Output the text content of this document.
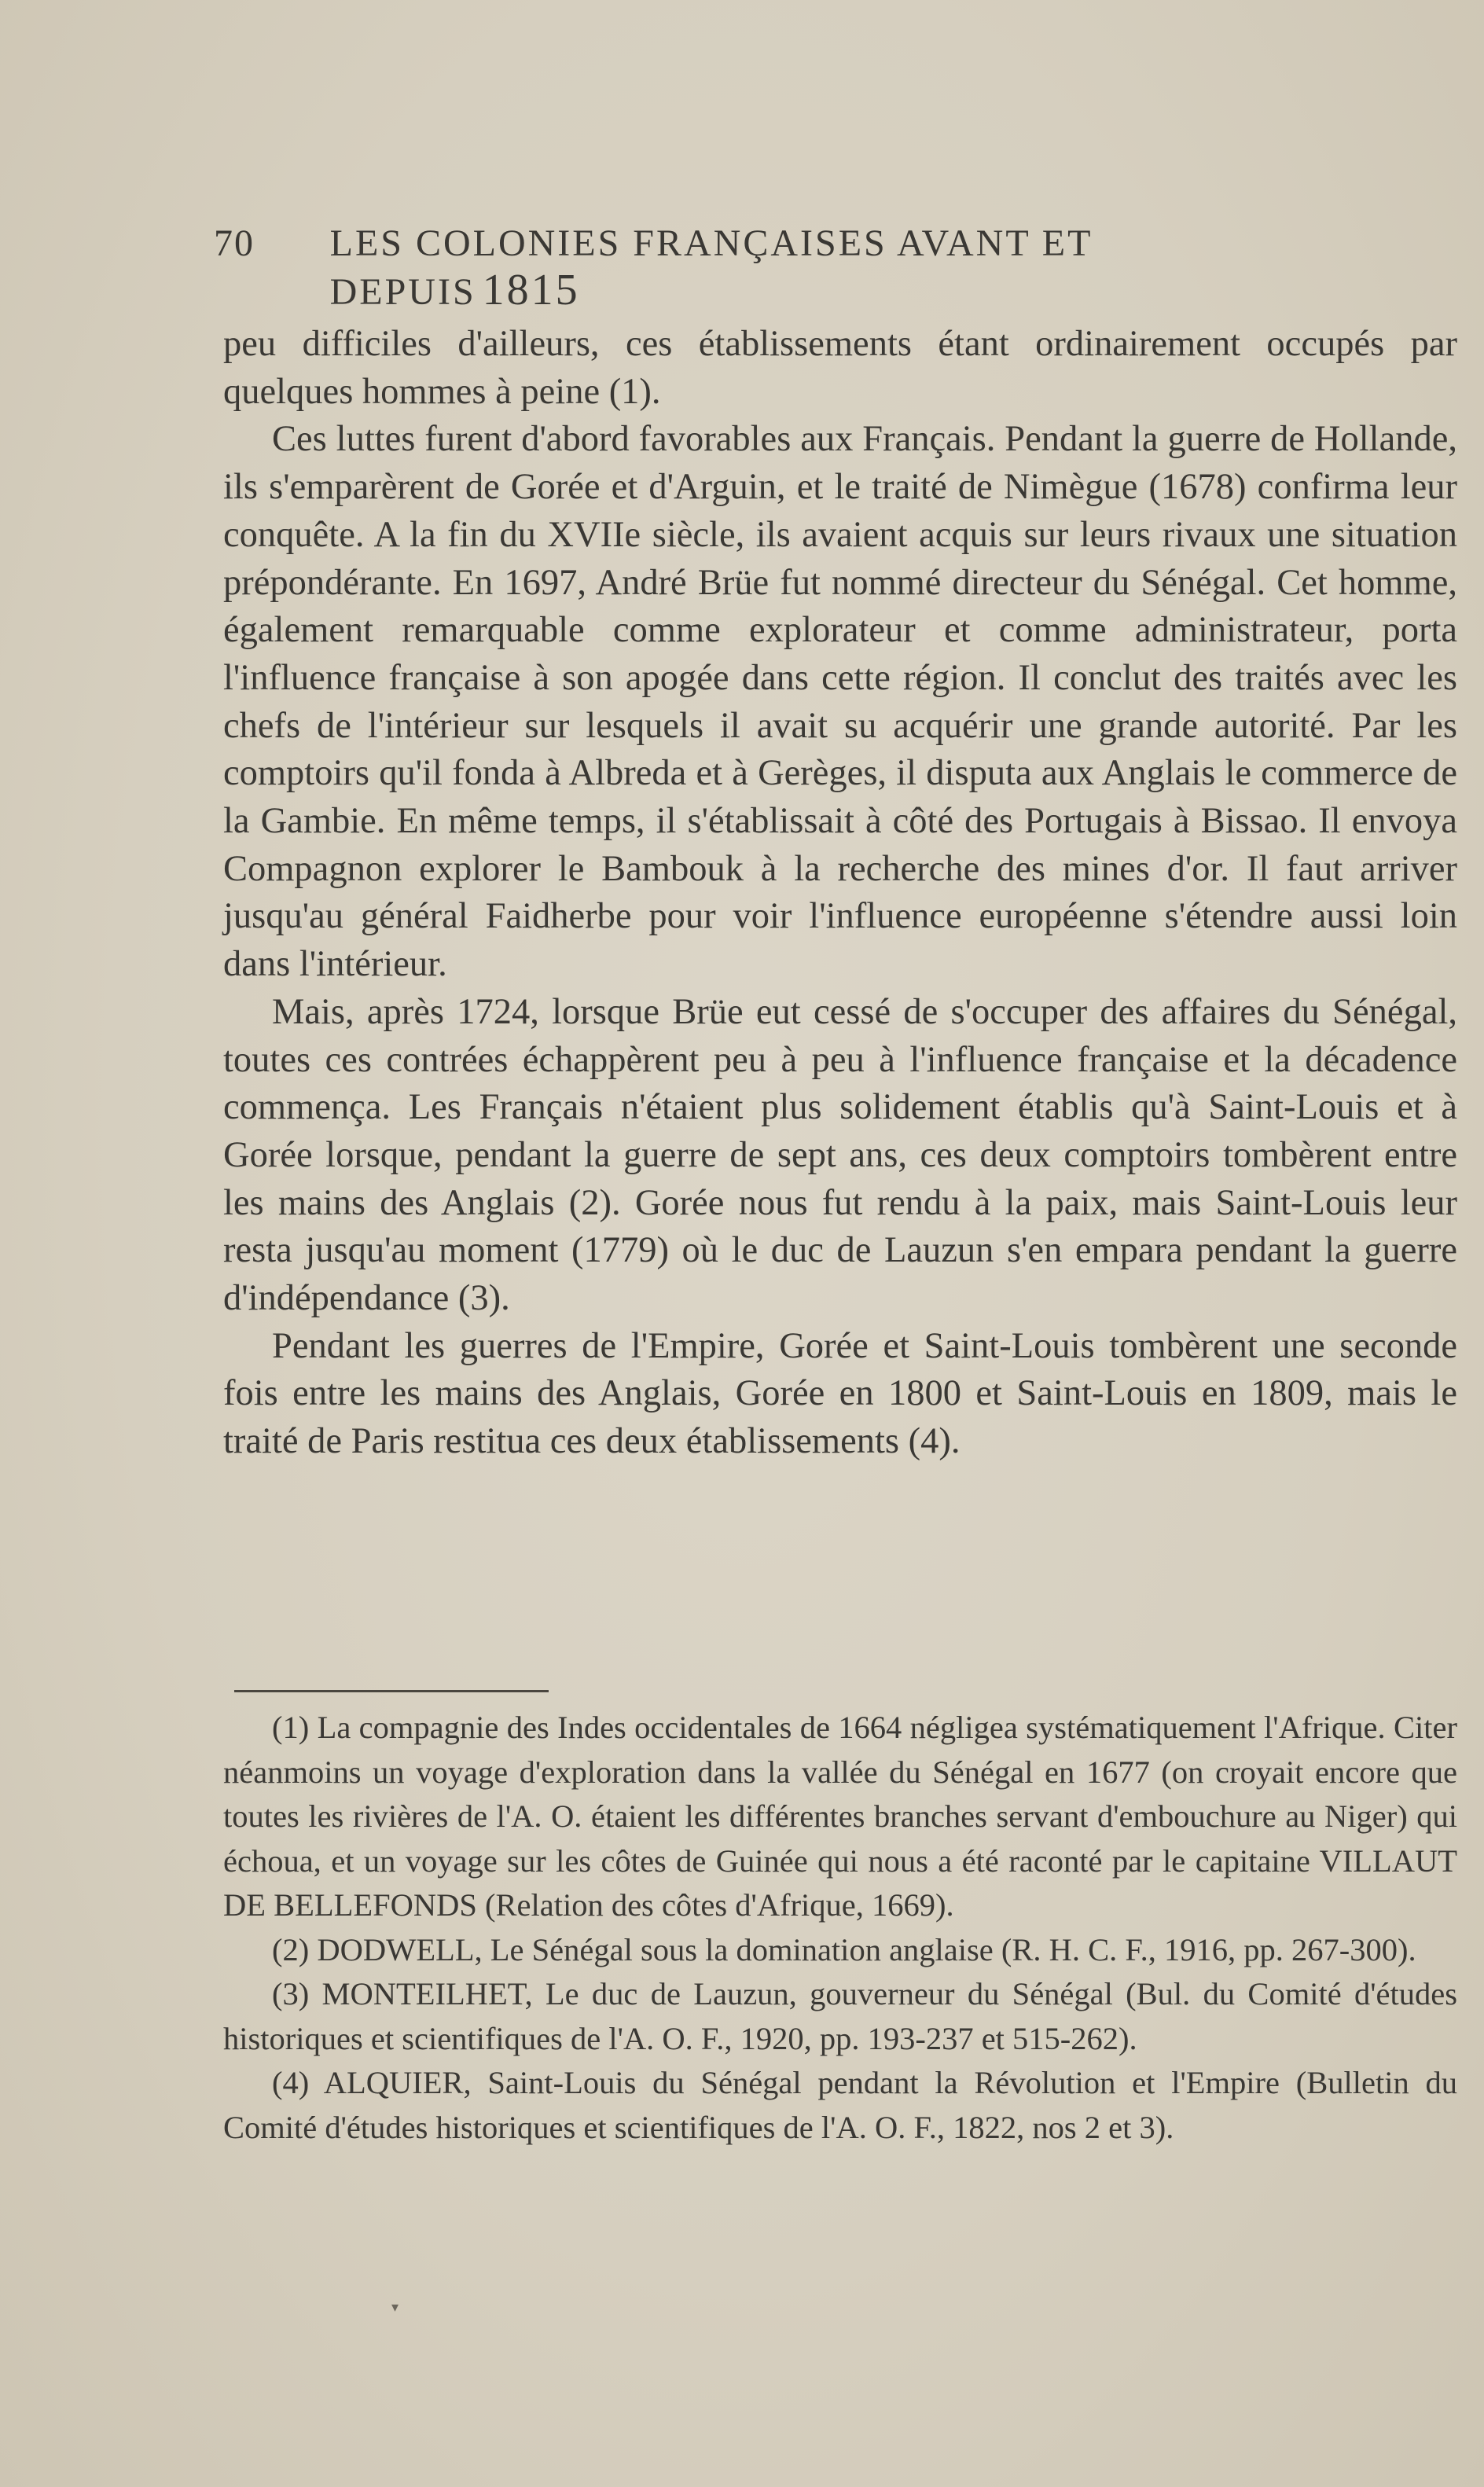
70	LES COLONIES FRANÇAISES AVANT ET DEPUIS 1815

peu difficiles d'ailleurs, ces établissements étant ordinairement occupés par quelques hommes à peine (1).

Ces luttes furent d'abord favorables aux Français. Pendant la guerre de Hollande, ils s'emparèrent de Gorée et d'Arguin, et le traité de Nimègue (1678) confirma leur conquête. A la fin du XVIIe siècle, ils avaient acquis sur leurs rivaux une situation prépondérante. En 1697, André Brüe fut nommé directeur du Sénégal. Cet homme, également remarquable comme explorateur et comme administrateur, porta l'influence française à son apogée dans cette région. Il conclut des traités avec les chefs de l'intérieur sur lesquels il avait su acquérir une grande autorité. Par les comptoirs qu'il fonda à Albreda et à Gerèges, il disputa aux Anglais le commerce de la Gambie. En même temps, il s'établissait à côté des Portugais à Bissao. Il envoya Compagnon explorer le Bambouk à la recherche des mines d'or. Il faut arriver jusqu'au général Faidherbe pour voir l'influence européenne s'étendre aussi loin dans l'intérieur.

Mais, après 1724, lorsque Brüe eut cessé de s'occuper des affaires du Sénégal, toutes ces contrées échappèrent peu à peu à l'influence française et la décadence commença. Les Français n'étaient plus solidement établis qu'à Saint-Louis et à Gorée lorsque, pendant la guerre de sept ans, ces deux comptoirs tombèrent entre les mains des Anglais (2). Gorée nous fut rendu à la paix, mais Saint-Louis leur resta jusqu'au moment (1779) où le duc de Lauzun s'en empara pendant la guerre d'indépendance (3).

Pendant les guerres de l'Empire, Gorée et Saint-Louis tombèrent une seconde fois entre les mains des Anglais, Gorée en 1800 et Saint-Louis en 1809, mais le traité de Paris restitua ces deux établissements (4).

(1) La compagnie des Indes occidentales de 1664 négligea systématiquement l'Afrique. Citer néanmoins un voyage d'exploration dans la vallée du Sénégal en 1677 (on croyait encore que toutes les rivières de l'A. O. étaient les différentes branches servant d'embouchure au Niger) qui échoua, et un voyage sur les côtes de Guinée qui nous a été raconté par le capitaine VILLAUT DE BELLEFONDS (Relation des côtes d'Afrique, 1669).

(2) DODWELL, Le Sénégal sous la domination anglaise (R. H. C. F., 1916, pp. 267-300).

(3) MONTEILHET, Le duc de Lauzun, gouverneur du Sénégal (Bul. du Comité d'études historiques et scientifiques de l'A. O. F., 1920, pp. 193-237 et 515-262).

(4) ALQUIER, Saint-Louis du Sénégal pendant la Révolution et l'Empire (Bulletin du Comité d'études historiques et scientifiques de l'A. O. F., 1822, nos 2 et 3).

▾
